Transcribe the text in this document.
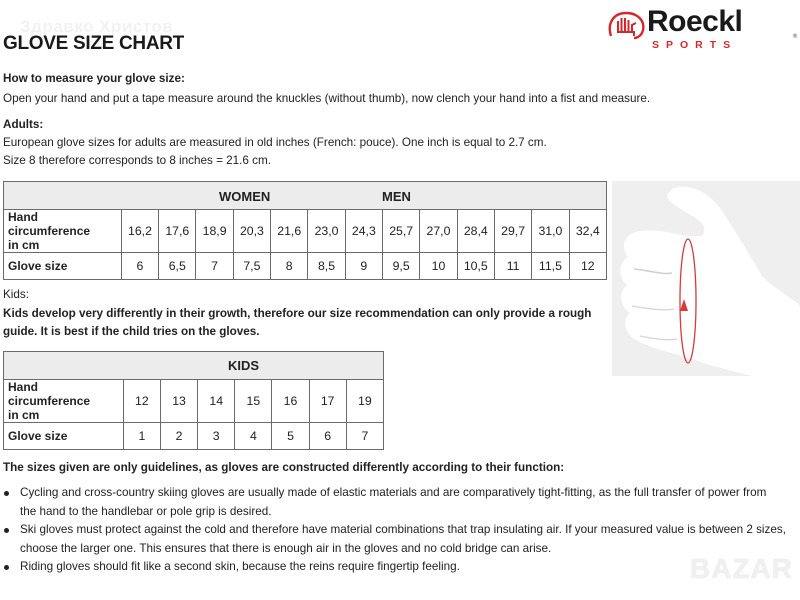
Здравко Христов
GLOVE SIZE CHART
Roeckl	®
SPORTS
How to measure your glove size:
Open your hand and put a tape measure around the knuckles (without thumb), now clench your hand into a fist and measure.
Adults:
European glove sizes for adults are measured in old inches (French: pouce). One inch is equal to 2.7 cm.
Size 8 therefore corresponds to 8 inches = 21.6 cm.
WOMEN MEN													

Hand circumference
in cm	16,2	17,6	18,9	20,3	21,6	23,0	24,3	25,7	27,0	28,4	29,7	31,0	32,4
Glove size	6	6,5	7	7,5	8	8,5	9	9,5	10	10,5	11	11,5	12
Kids:
Kids develop very differently in their growth, therefore our size recommendation can only provide a rough
guide. It is best if the child tries on the gloves.
KIDS							
Hand circumference
in cm	12	13	14	15	16	17	19
Glove size	1	2	3	4	5	6	7
The sizes given are only guidelines, as gloves are constructed differently according to their function:
Cycling and cross-country skiing gloves are usually made of elastic materials and are comparatively tight-fitting, as the full transfer of power from
the hand to the handlebar or pole grip is desired.
Ski gloves must protect against the cold and therefore have material combinations that trap insulating air. If your measured value is between 2 sizes,
choose the larger one. This ensures that there is enough air in the gloves and no cold bridge can arise.
Riding gloves should fit like a second skin, because the reins require fingertip feeling.	BAZAR
